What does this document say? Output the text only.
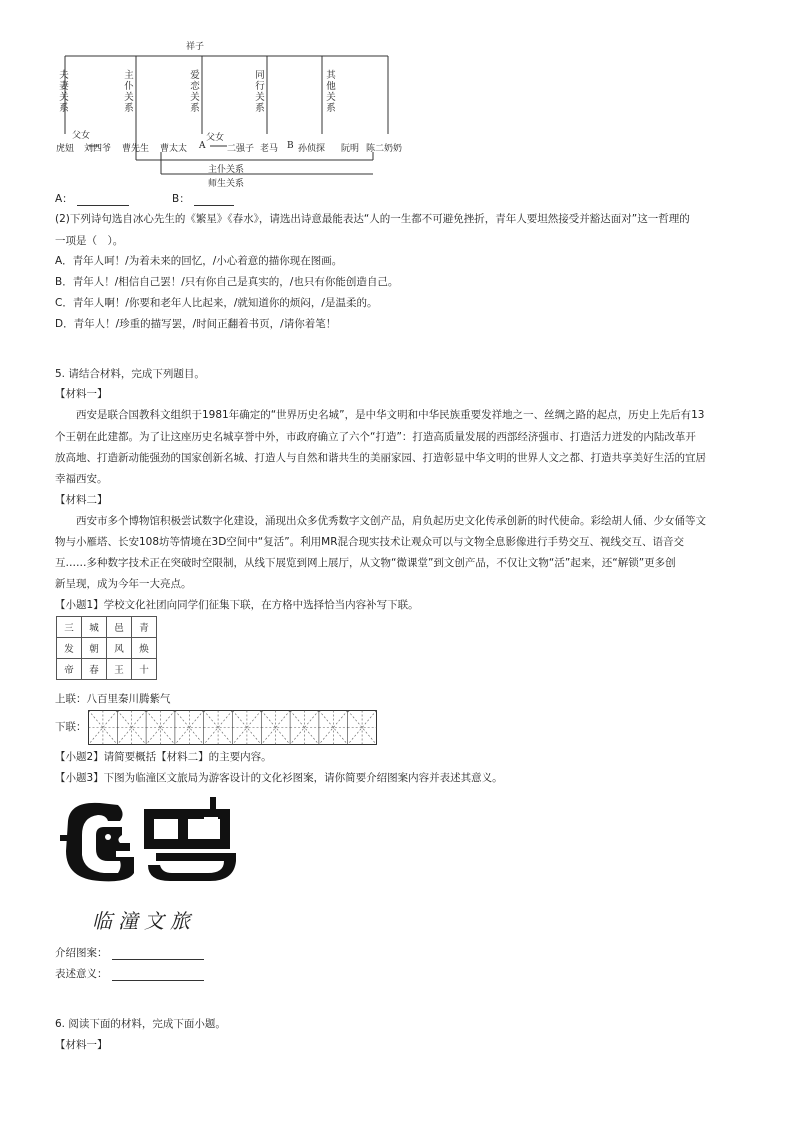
祥子
夫妻关系
主仆关系
爱恋关系
同行关系
其他关系
父女	父女
虎妞 刘四爷 曹先生 曹太太 A 二强子 老马 B 孙侦探 阮明 陈二奶奶
主仆关系
师生关系
A：	B：
(2)下列诗句选自冰心先生的《繁星》《春水》，请选出诗意最能表达“人的一生都不可避免挫折，青年人要坦然接受并豁达面对”这一哲理的
一项是（　）。
A．青年人呵！/为着未来的回忆，/小心着意的描你现在图画。
B．青年人！/相信自己罢！/只有你自己是真实的，/也只有你能创造自己。
C．青年人啊！/你要和老年人比起来，/就知道你的烦闷，/是温柔的。
D．青年人！/珍重的描写罢，/时间正翻着书页，/请你着笔！
5. 请结合材料，完成下列题目。
【材料一】
西安是联合国教科文组织于1981年确定的“世界历史名城”，是中华文明和中华民族重要发祥地之一、丝绸之路的起点，历史上先后有13
个王朝在此建都。为了让这座历史名城享誉中外，市政府确立了六个“打造”：打造高质量发展的西部经济强市、打造活力迸发的内陆改革开
放高地、打造新动能强劲的国家创新名城、打造人与自然和谐共生的美丽家园、打造彰显中华文明的世界人文之都、打造共享美好生活的宜居
幸福西安。
【材料二】
西安市多个博物馆积极尝试数字化建设，涌现出众多优秀数字文创产品，肩负起历史文化传承创新的时代使命。彩绘胡人俑、少女俑等文
物与小雁塔、长安108坊等情境在3D空间中“复活”。利用MR混合现实技术让观众可以与文物全息影像进行手势交互、视线交互、语音交
互……多种数字技术正在突破时空限制，从线下展览到网上展厅，从文物“微课堂”到文创产品，不仅让文物“活”起来，还“解锁”更多创
新呈现，成为今年一大亮点。
【小题1】学校文化社团向同学们征集下联，在方格中选择恰当内容补写下联。
三	城	邑	青
发	朝	风	焕
帝	春	王	十
上联：八百里秦川腾紫气
下联：
【小题2】请简要概括【材料二】的主要内容。
【小题3】下图为临潼区文旅局为游客设计的文化衫图案，请你简要介绍图案内容并表述其意义。
临潼文旅
介绍图案：
表述意义：
6. 阅读下面的材料，完成下面小题。
【材料一】
